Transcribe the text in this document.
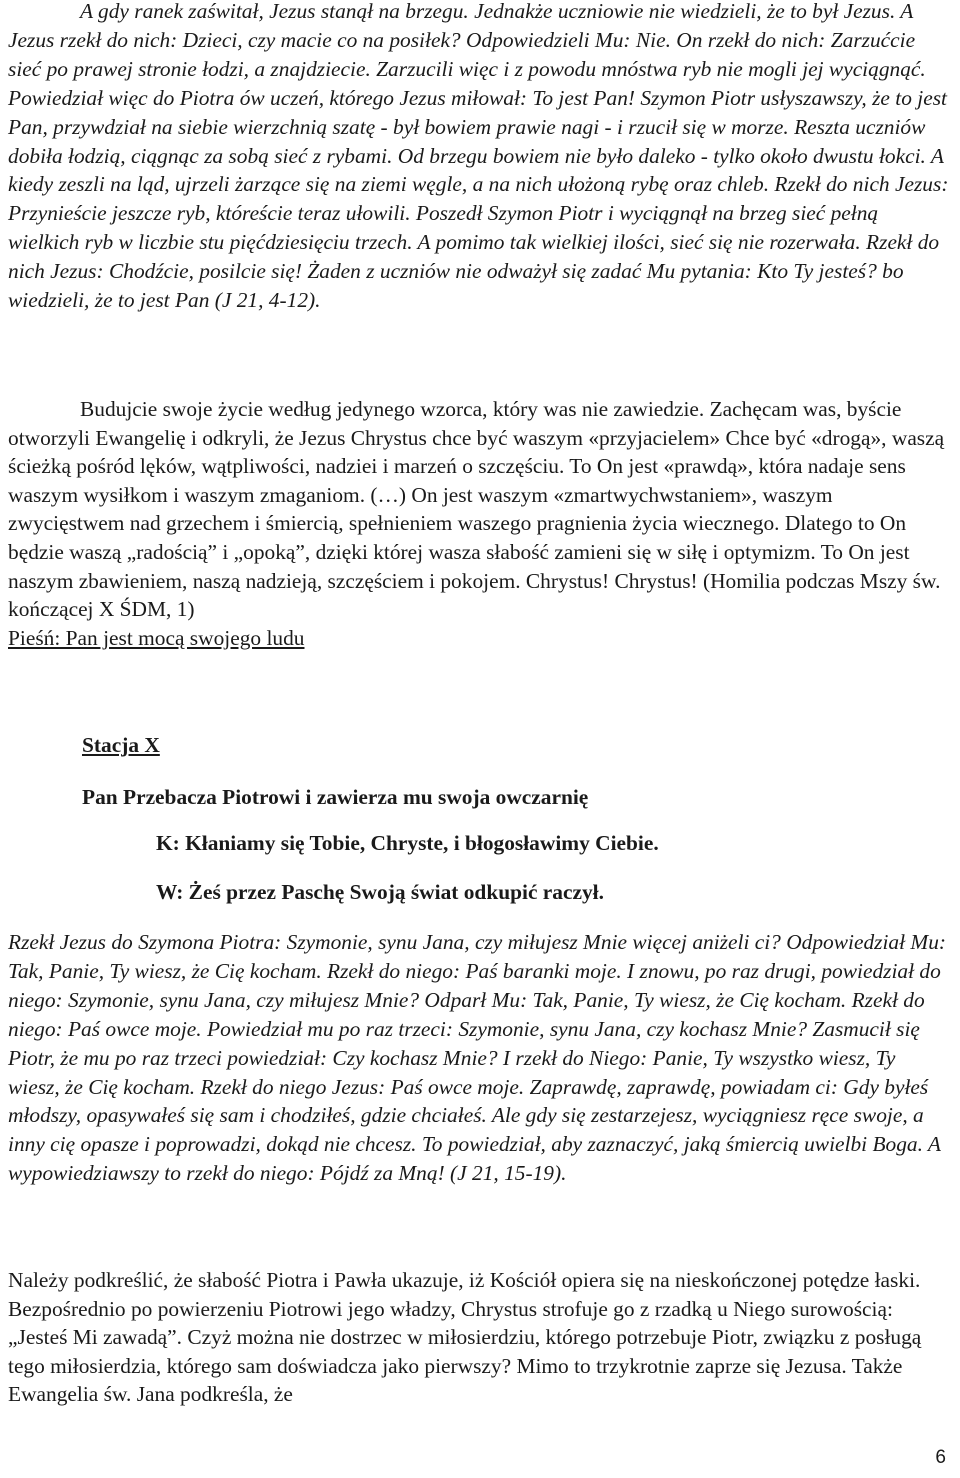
A gdy ranek zaświtał, Jezus stanął na brzegu. Jednakże uczniowie nie wiedzieli, że to był Jezus. A Jezus rzekł do nich: Dzieci, czy macie co na posiłek? Odpowiedzieli Mu: Nie. On rzekł do nich: Zarzućcie sieć po prawej stronie łodzi, a znajdziecie. Zarzucili więc i z powodu mnóstwa ryb nie mogli jej wyciągnąć. Powiedział więc do Piotra ów uczeń, którego Jezus miłował: To jest Pan! Szymon Piotr usłyszawszy, że to jest Pan, przywdział na siebie wierzchnią szatę - był bowiem prawie nagi - i rzucił się w morze. Reszta uczniów dobiła łodzią, ciągnąc za sobą sieć z rybami. Od brzegu bowiem nie było daleko - tylko około dwustu łokci. A kiedy zeszli na ląd, ujrzeli żarzące się na ziemi węgle, a na nich ułożoną rybę oraz chleb. Rzekł do nich Jezus: Przynieście jeszcze ryb, któreście teraz ułowili. Poszedł Szymon Piotr i wyciągnął na brzeg sieć pełną wielkich ryb w liczbie stu pięćdziesięciu trzech. A pomimo tak wielkiej ilości, sieć się nie rozerwała. Rzekł do nich Jezus: Chodźcie, posilcie się! Żaden z uczniów nie odważył się zadać Mu pytania: Kto Ty jesteś? bo wiedzieli, że to jest Pan (J 21, 4-12).

Budujcie swoje życie według jedynego wzorca, który was nie zawiedzie. Zachęcam was, byście otworzyli Ewangelię i odkryli, że Jezus Chrystus chce być waszym «przyjacielem» Chce być «drogą», waszą ścieżką pośród lęków, wątpliwości, nadziei i marzeń o szczęściu. To On jest «prawdą», która nadaje sens waszym wysiłkom i waszym zmaganiom. (…) On jest waszym «zmartwychwstaniem», waszym zwycięstwem nad grzechem i śmiercią, spełnieniem waszego pragnienia życia wiecznego. Dlatego to On będzie waszą „radością” i „opoką”, dzięki której wasza słabość zamieni się w siłę i optymizm. To On jest naszym zbawieniem, naszą nadzieją, szczęściem i pokojem. Chrystus! Chrystus! (Homilia podczas Mszy św. kończącej X ŚDM, 1)
Pieśń: Pan jest mocą swojego ludu

Stacja X

Pan Przebacza Piotrowi i zawierza mu swoja owczarnię

K: Kłaniamy się Tobie, Chryste, i błogosławimy Ciebie.

W: Żeś przez Paschę Swoją świat odkupić raczył.

Rzekł Jezus do Szymona Piotra: Szymonie, synu Jana, czy miłujesz Mnie więcej aniżeli ci? Odpowiedział Mu: Tak, Panie, Ty wiesz, że Cię kocham. Rzekł do niego: Paś baranki moje. I znowu, po raz drugi, powiedział do niego: Szymonie, synu Jana, czy miłujesz Mnie? Odparł Mu: Tak, Panie, Ty wiesz, że Cię kocham. Rzekł do niego: Paś owce moje. Powiedział mu po raz trzeci: Szymonie, synu Jana, czy kochasz Mnie? Zasmucił się Piotr, że mu po raz trzeci powiedział: Czy kochasz Mnie? I rzekł do Niego: Panie, Ty wszystko wiesz, Ty wiesz, że Cię kocham. Rzekł do niego Jezus: Paś owce moje. Zaprawdę, zaprawdę, powiadam ci: Gdy byłeś młodszy, opasywałeś się sam i chodziłeś, gdzie chciałeś. Ale gdy się zestarzejesz, wyciągniesz ręce swoje, a inny cię opasze i poprowadzi, dokąd nie chcesz. To powiedział, aby zaznaczyć, jaką śmiercią uwielbi Boga. A wypowiedziawszy to rzekł do niego: Pójdź za Mną! (J 21, 15-19).

Należy podkreślić, że słabość Piotra i Pawła ukazuje, iż Kościół opiera się na nieskończonej potędze łaski. Bezpośrednio po powierzeniu Piotrowi jego władzy, Chrystus strofuje go z rzadką u Niego surowością: „Jesteś Mi zawadą”. Czyż można nie dostrzec w miłosierdziu, którego potrzebuje Piotr, związku z posługą tego miłosierdzia, którego sam doświadcza jako pierwszy? Mimo to trzykrotnie zaprze się Jezusa. Także Ewangelia św. Jana podkreśla, że

6
